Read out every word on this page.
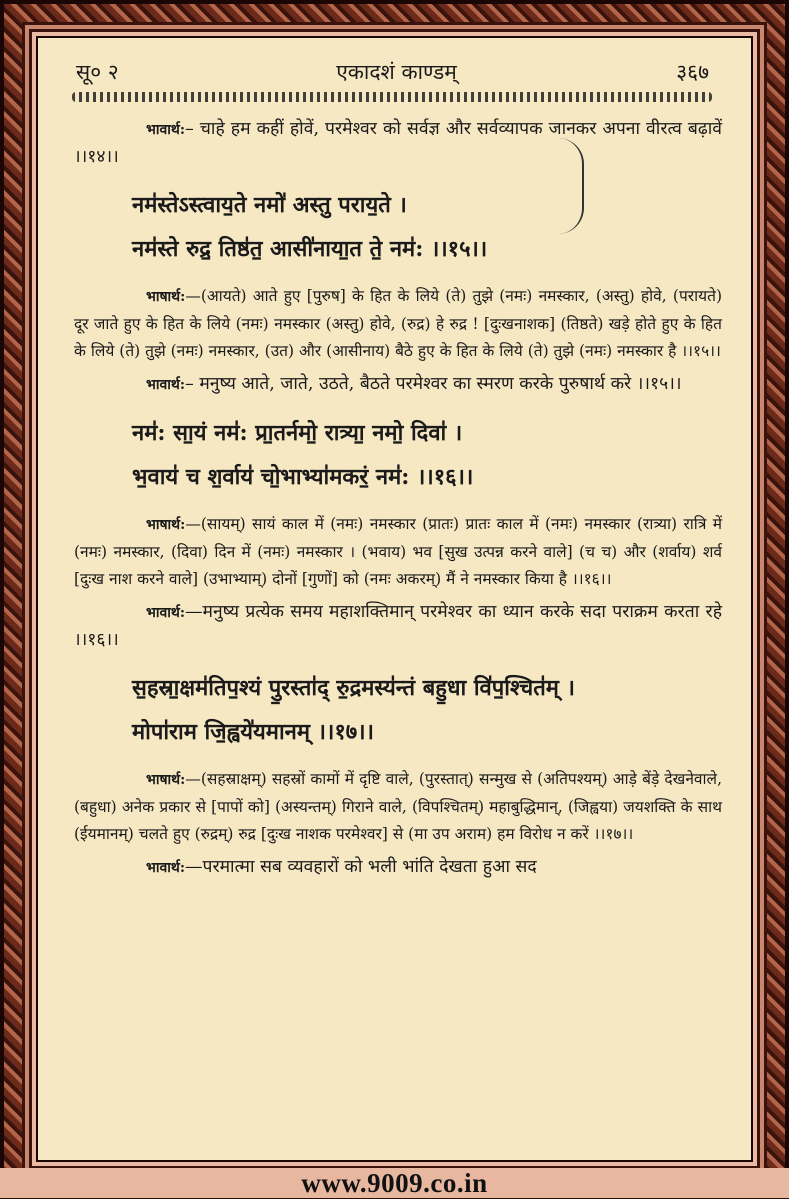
सू० २	एकादशं काण्डम्	३६७

भावार्थ:– चाहे हम कहीं होवें, परमेश्वर को सर्वज्ञ और सर्वव्यापक जानकर अपना वीरत्व बढ़ावें ।।१४।।

नम॑स्तेऽस्त्वाय॒ते नमो॑ अस्तु पराय॒ते ।

नम॑स्ते रुद्र॒ तिष्ठ॑त॒ आसी॑नाया॒त ते॒ नम॑: ।।१५।।

भाषार्थ:—(आयते) आते हुए [पुरुष] के हित के लिये (ते) तुझे (नमः) नमस्कार, (अस्तु) होवे, (परायते) दूर जाते हुए के हित के लिये (नमः) नमस्कार (अस्तु) होवे, (रुद्र) हे रुद्र ! [दुःखनाशक] (तिष्ठते) खड़े होते हुए के हित के लिये (ते) तुझे (नमः) नमस्कार, (उत) और (आसीनाय) बैठे हुए के हित के लिये (ते) तुझे (नमः) नमस्कार है ।।१५।।

भावार्थ:– मनुष्य आते, जाते, उठते, बैठते परमेश्वर का स्मरण करके पुरुषार्थ करे ।।१५।।

नम॑: सा॒यं नम॑: प्रा॒तर्नमो॒ रात्र्या॒ नमो॒ दिवा॑ ।

भ॒वाय॑ च श॒र्वाय॑ चो॒भाभ्या॑मकरं॒ नम॑: ।।१६।।

भाषार्थ:—(सायम्) सायं काल में (नमः) नमस्कार (प्रातः) प्रातः काल में (नमः) नमस्कार (रात्र्या) रात्रि में (नमः) नमस्कार, (दिवा) दिन में (नमः) नमस्कार । (भवाय) भव [सुख उत्पन्न करने वाले] (च च) और (शर्वाय) शर्व [दुःख नाश करने वाले] (उभाभ्याम्) दोनों [गुणों] को (नमः अकरम्) मैं ने नमस्कार किया है ।।१६।।

भावार्थ:—मनुष्य प्रत्येक समय महाशक्तिमान् परमेश्वर का ध्यान करके सदा पराक्रम करता रहे ।।१६।।

स॒हस्रा॒क्षम॑तिप॒श्यं पु॒रस्ता॑द् रु॒द्रमस्य॑न्तं बहु॒धा वि॑प॒श्चित॑म् ।

मोपा॑राम जि॒ह्वये॑यमानम् ।।१७।।

भाषार्थ:—(सहस्राक्षम्) सहस्रों कामों में दृष्टि वाले, (पुरस्तात्) सन्मुख से (अतिपश्यम्) आड़े बेंड़े देखनेवाले, (बहुधा) अनेक प्रकार से [पापों को] (अस्यन्तम्) गिराने वाले, (विपश्चितम्) महाबुद्धिमान्, (जिह्वया) जयशक्ति के साथ (ईयमानम्) चलते हुए (रुद्रम्) रुद्र [दुःख नाशक परमेश्वर] से (मा उप अराम) हम विरोध न करें ।।१७।।

भावार्थ:—परमात्मा सब व्यवहारों को भली भांति देखता हुआ सद

www.9009.co.in
